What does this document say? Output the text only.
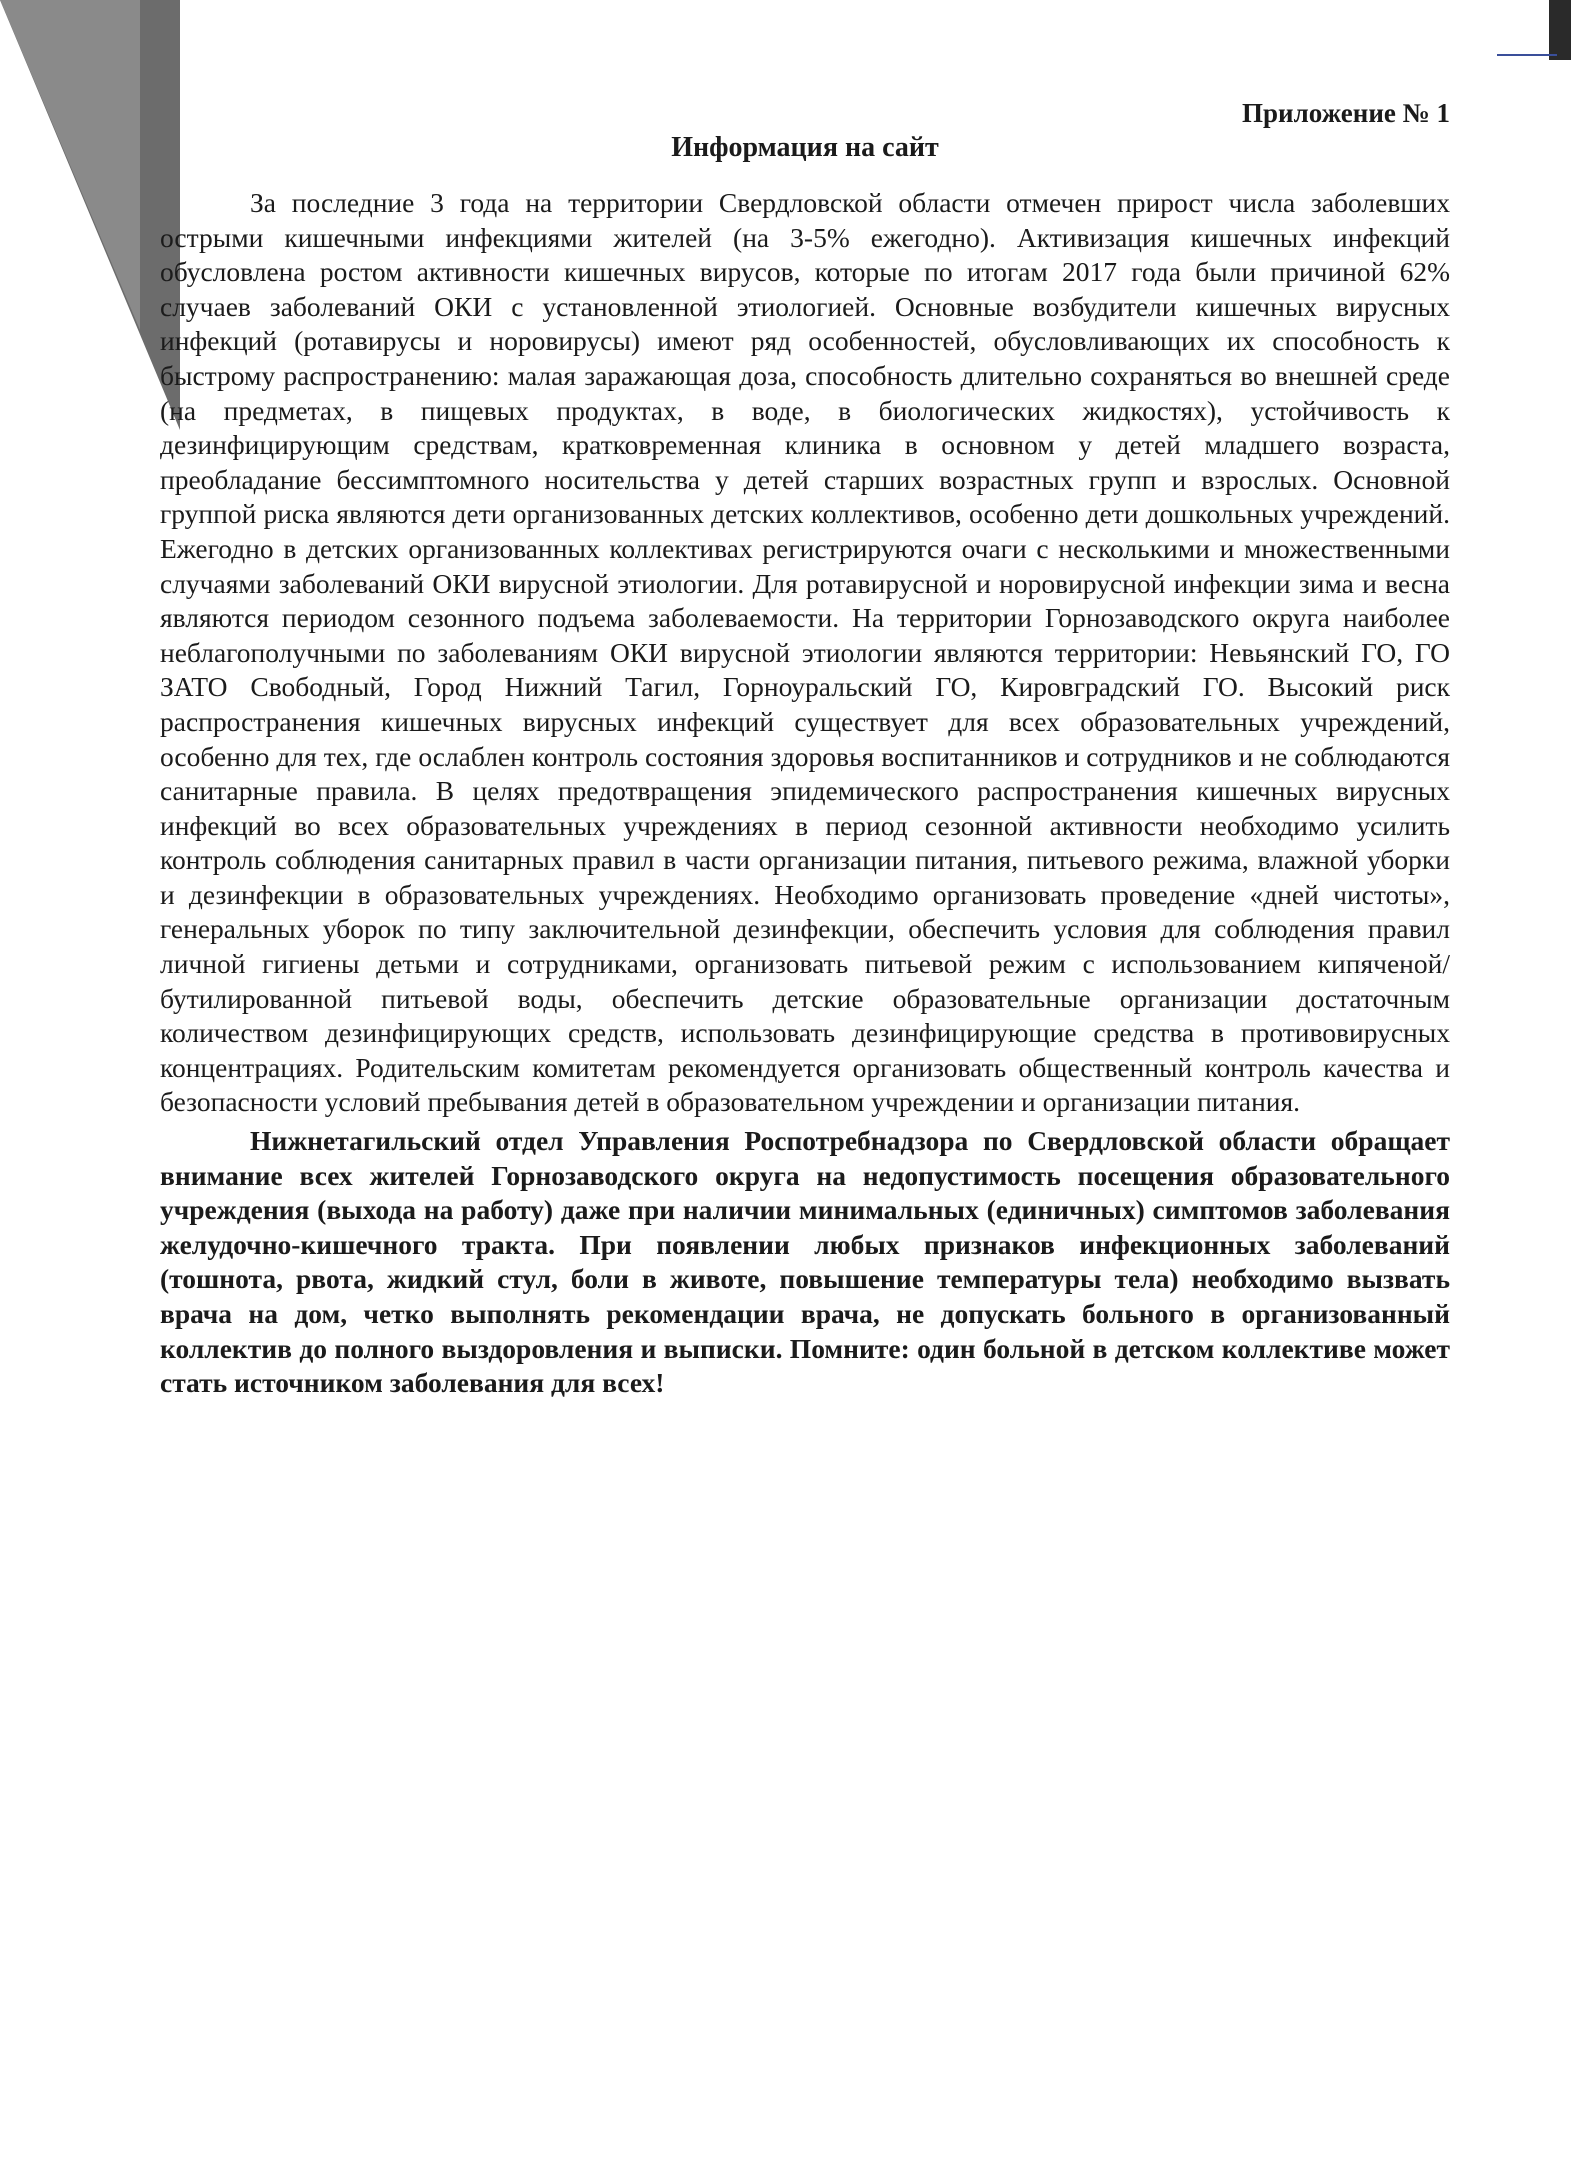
Приложение № 1

Информация на сайт

За последние 3 года на территории Свердловской области отмечен прирост числа заболевших острыми кишечными инфекциями жителей (на 3-5% ежегодно). Активизация кишечных инфекций обусловлена ростом активности кишечных вирусов, которые по итогам 2017 года были причиной 62% случаев заболеваний ОКИ с установленной этиологией. Основные возбудители кишечных вирусных инфекций (ротавирусы и норовирусы) имеют ряд особенностей, обусловливающих их способность к быстрому распространению: малая заражающая доза, способность длительно сохраняться во внешней среде (на предметах, в пищевых продуктах, в воде, в биологических жидкостях), устойчивость к дезинфицирующим средствам, кратковременная клиника в основном у детей младшего возраста, преобладание бессимптомного носительства у детей старших возрастных групп и взрослых. Основной группой риска являются дети организованных детских коллективов, особенно дети дошкольных учреждений. Ежегодно в детских организованных коллективах регистрируются очаги с несколькими и множественными случаями заболеваний ОКИ вирусной этиологии. Для ротавирусной и норовирусной инфекции зима и весна являются периодом сезонного подъема заболеваемости. На территории Горнозаводского округа наиболее неблагополучными по заболеваниям ОКИ вирусной этиологии являются территории: Невьянский ГО, ГО ЗАТО Свободный, Город Нижний Тагил, Горноуральский ГО, Кировградский ГО. Высокий риск распространения кишечных вирусных инфекций существует для всех образовательных учреждений, особенно для тех, где ослаблен контроль состояния здоровья воспитанников и сотрудников и не соблюдаются санитарные правила. В целях предотвращения эпидемического распространения кишечных вирусных инфекций во всех образовательных учреждениях в период сезонной активности необходимо усилить контроль соблюдения санитарных правил в части организации питания, питьевого режима, влажной уборки и дезинфекции в образовательных учреждениях. Необходимо организовать проведение «дней чистоты», генеральных уборок по типу заключительной дезинфекции, обеспечить условия для соблюдения правил личной гигиены детьми и сотрудниками, организовать питьевой режим с использованием кипяченой/бутилированной питьевой воды, обеспечить детские образовательные организации достаточным количеством дезинфицирующих средств, использовать дезинфицирующие средства в противовирусных концентрациях. Родительским комитетам рекомендуется организовать общественный контроль качества и безопасности условий пребывания детей в образовательном учреждении и организации питания.

Нижнетагильский отдел Управления Роспотребнадзора по Свердловской области обращает внимание всех жителей Горнозаводского округа на недопустимость посещения образовательного учреждения (выхода на работу) даже при наличии минимальных (единичных) симптомов заболевания желудочно-кишечного тракта. При появлении любых признаков инфекционных заболеваний (тошнота, рвота, жидкий стул, боли в животе, повышение температуры тела) необходимо вызвать врача на дом, четко выполнять рекомендации врача, не допускать больного в организованный коллектив до полного выздоровления и выписки. Помните: один больной в детском коллективе может стать источником заболевания для всех!
